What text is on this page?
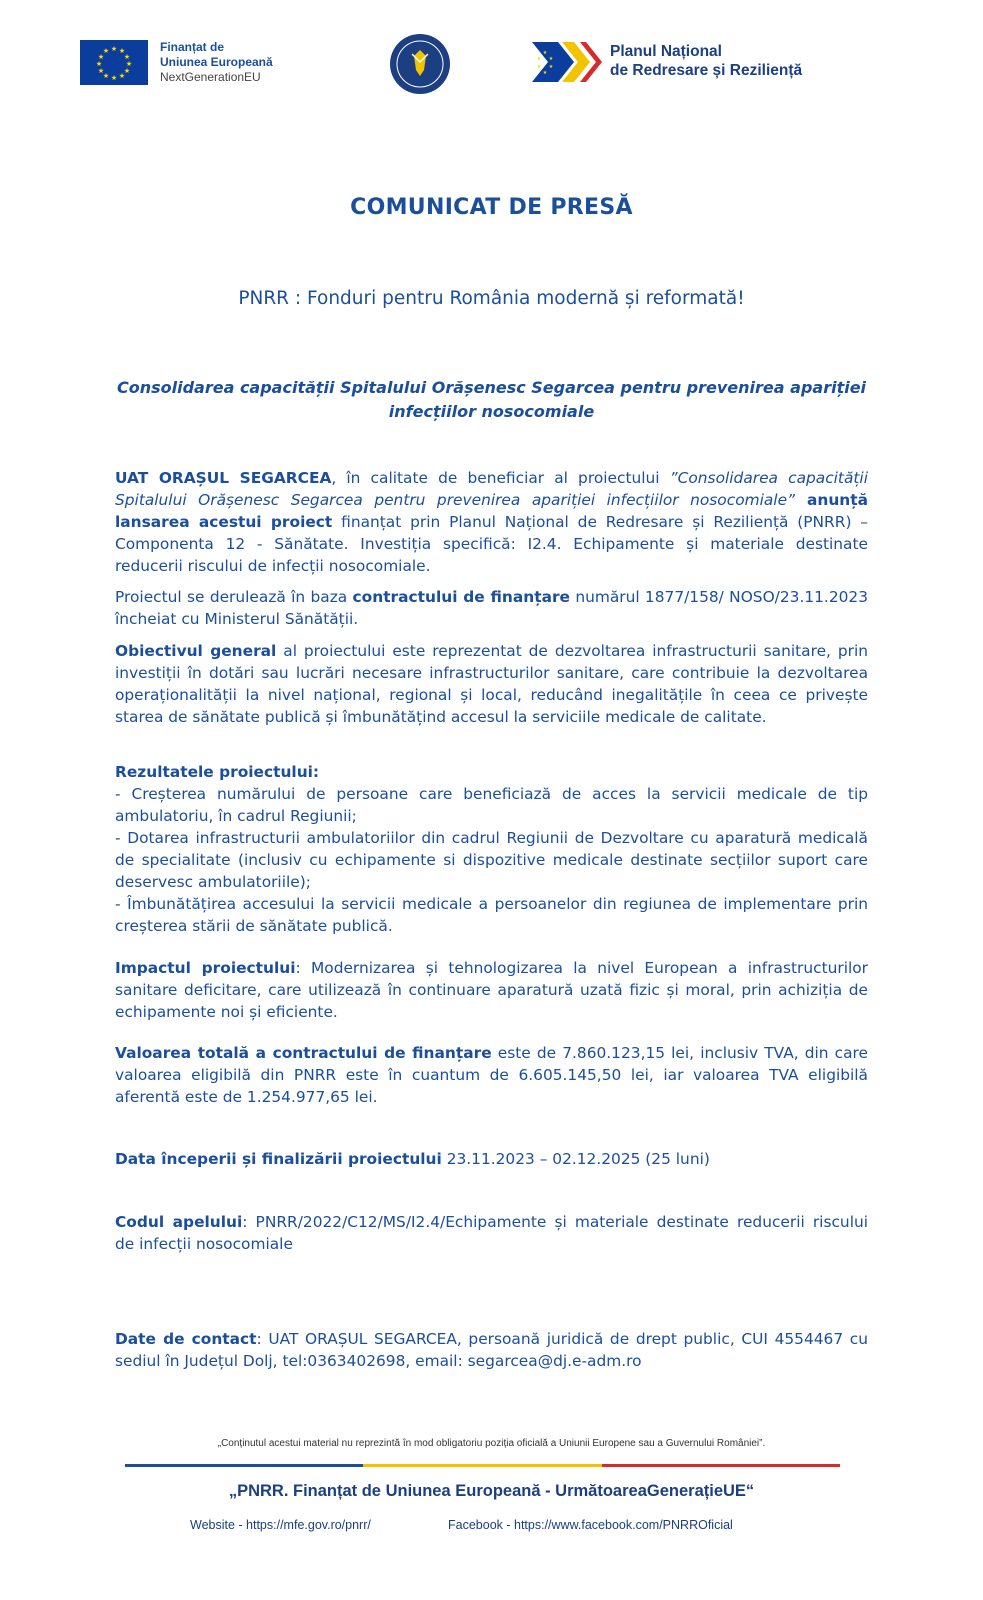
★ ★
★
★
★
★
★
★
★
★
★
★	Finanțat de
Uniunea Europeană
NextGenerationEU
★
★
★
★
★
★	Planul Național
de Redresare și Reziliență
COMUNICAT DE PRESĂ
PNRR : Fonduri pentru România modernă și reformată!
Consolidarea capacității Spitalului Orășenesc Segarcea pentru prevenirea apariției infecțiilor nosocomiale

UAT ORAȘUL SEGARCEA, în calitate de beneficiar al proiectului ”Consolidarea capacității Spitalului Orășenesc Segarcea pentru prevenirea apariției infecțiilor nosocomiale” anunță lansarea acestui proiect finanțat prin Planul Național de Redresare și Reziliență (PNRR) – Componenta 12 - Sănătate. Investiția specifică: I2.4. Echipamente și materiale destinate reducerii riscului de infecții nosocomiale.

Proiectul se derulează în baza contractului de finanțare numărul 1877/158/ NOSO/23.11.2023 încheiat cu Ministerul Sănătății.

Obiectivul general al proiectului este reprezentat de dezvoltarea infrastructurii sanitare, prin investiții în dotări sau lucrări necesare infrastructurilor sanitare, care contribuie la dezvoltarea operaționalității la nivel național, regional și local, reducând inegalitățile în ceea ce privește starea de sănătate publică și îmbunătățind accesul la serviciile medicale de calitate.

Rezultatele proiectului:

- Creșterea numărului de persoane care beneficiază de acces la servicii medicale de tip ambulatoriu, în cadrul Regiunii;

- Dotarea infrastructurii ambulatoriilor din cadrul Regiunii de Dezvoltare cu aparatură medicală de specialitate (inclusiv cu echipamente si dispozitive medicale destinate secțiilor suport care deservesc ambulatoriile);

- Îmbunătățirea accesului la servicii medicale a persoanelor din regiunea de implementare prin creșterea stării de sănătate publică.

Impactul proiectului: Modernizarea și tehnologizarea la nivel European a infrastructurilor sanitare deficitare, care utilizează în continuare aparatură uzată fizic și moral, prin achiziția de echipamente noi și eficiente.

Valoarea totală a contractului de finanțare este de 7.860.123,15 lei, inclusiv TVA, din care valoarea eligibilă din PNRR este în cuantum de 6.605.145,50 lei, iar valoarea TVA eligibilă aferentă este de 1.254.977,65 lei.

Data începerii și finalizării proiectului 23.11.2023 – 02.12.2025 (25 luni)

Codul apelului: PNRR/2022/C12/MS/I2.4/Echipamente și materiale destinate reducerii riscului de infecții nosocomiale

Date de contact: UAT ORAȘUL SEGARCEA, persoană juridică de drept public, CUI 4554467 cu sediul în Județul Dolj, tel:0363402698, email: segarcea@dj.e-adm.ro

„Conținutul acestui material nu reprezintă în mod obligatoriu poziția oficială a Uniunii Europene sau a Guvernului României”.
„PNRR. Finanțat de Uniunea Europeană - UrmătoareaGenerațieUE“
Website - https://mfe.gov.ro/pnrr/	Facebook - https://www.facebook.com/PNRROficial
